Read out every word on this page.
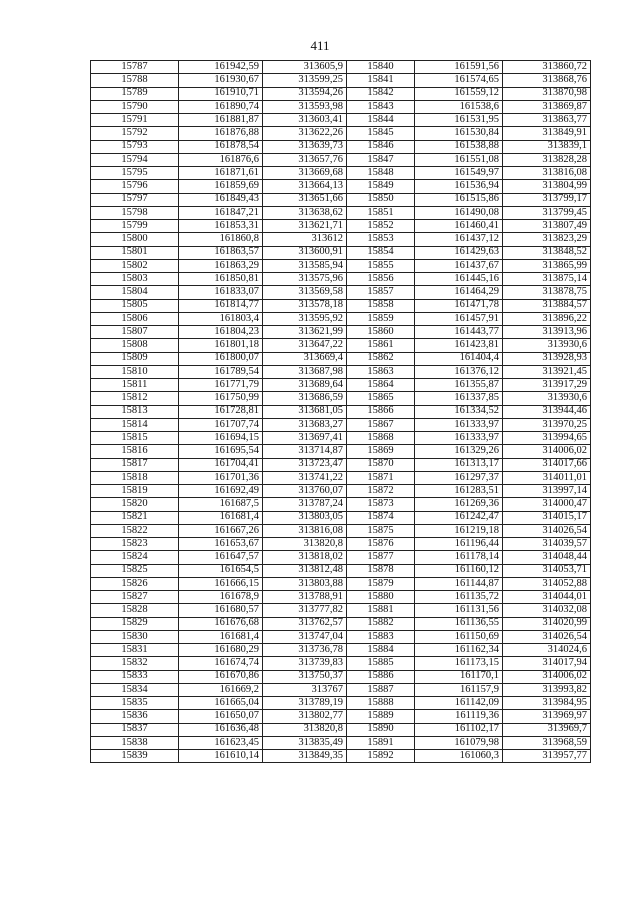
411
15787	161942,59	313605,9	15840	161591,56	313860,72
15788	161930,67	313599,25	15841	161574,65	313868,76
15789	161910,71	313594,26	15842	161559,12	313870,98
15790	161890,74	313593,98	15843	161538,6	313869,87
15791	161881,87	313603,41	15844	161531,95	313863,77
15792	161876,88	313622,26	15845	161530,84	313849,91
15793	161878,54	313639,73	15846	161538,88	313839,1
15794	161876,6	313657,76	15847	161551,08	313828,28
15795	161871,61	313669,68	15848	161549,97	313816,08
15796	161859,69	313664,13	15849	161536,94	313804,99
15797	161849,43	313651,66	15850	161515,86	313799,17
15798	161847,21	313638,62	15851	161490,08	313799,45
15799	161853,31	313621,71	15852	161460,41	313807,49
15800	161860,8	313612	15853	161437,12	313823,29
15801	161863,57	313600,91	15854	161429,63	313848,52
15802	161863,29	313585,94	15855	161437,67	313865,99
15803	161850,81	313575,96	15856	161445,16	313875,14
15804	161833,07	313569,58	15857	161464,29	313878,75
15805	161814,77	313578,18	15858	161471,78	313884,57
15806	161803,4	313595,92	15859	161457,91	313896,22
15807	161804,23	313621,99	15860	161443,77	313913,96
15808	161801,18	313647,22	15861	161423,81	313930,6
15809	161800,07	313669,4	15862	161404,4	313928,93
15810	161789,54	313687,98	15863	161376,12	313921,45
15811	161771,79	313689,64	15864	161355,87	313917,29
15812	161750,99	313686,59	15865	161337,85	313930,6
15813	161728,81	313681,05	15866	161334,52	313944,46
15814	161707,74	313683,27	15867	161333,97	313970,25
15815	161694,15	313697,41	15868	161333,97	313994,65
15816	161695,54	313714,87	15869	161329,26	314006,02
15817	161704,41	313723,47	15870	161313,17	314017,66
15818	161701,36	313741,22	15871	161297,37	314011,01
15819	161692,49	313760,07	15872	161283,51	313997,14
15820	161687,5	313787,24	15873	161269,36	314000,47
15821	161681,4	313803,05	15874	161242,47	314015,17
15822	161667,26	313816,08	15875	161219,18	314026,54
15823	161653,67	313820,8	15876	161196,44	314039,57
15824	161647,57	313818,02	15877	161178,14	314048,44
15825	161654,5	313812,48	15878	161160,12	314053,71
15826	161666,15	313803,88	15879	161144,87	314052,88
15827	161678,9	313788,91	15880	161135,72	314044,01
15828	161680,57	313777,82	15881	161131,56	314032,08
15829	161676,68	313762,57	15882	161136,55	314020,99
15830	161681,4	313747,04	15883	161150,69	314026,54
15831	161680,29	313736,78	15884	161162,34	314024,6
15832	161674,74	313739,83	15885	161173,15	314017,94
15833	161670,86	313750,37	15886	161170,1	314006,02
15834	161669,2	313767	15887	161157,9	313993,82
15835	161665,04	313789,19	15888	161142,09	313984,95
15836	161650,07	313802,77	15889	161119,36	313969,97
15837	161636,48	313820,8	15890	161102,17	313969,7
15838	161623,45	313835,49	15891	161079,98	313968,59
15839	161610,14	313849,35	15892	161060,3	313957,77
